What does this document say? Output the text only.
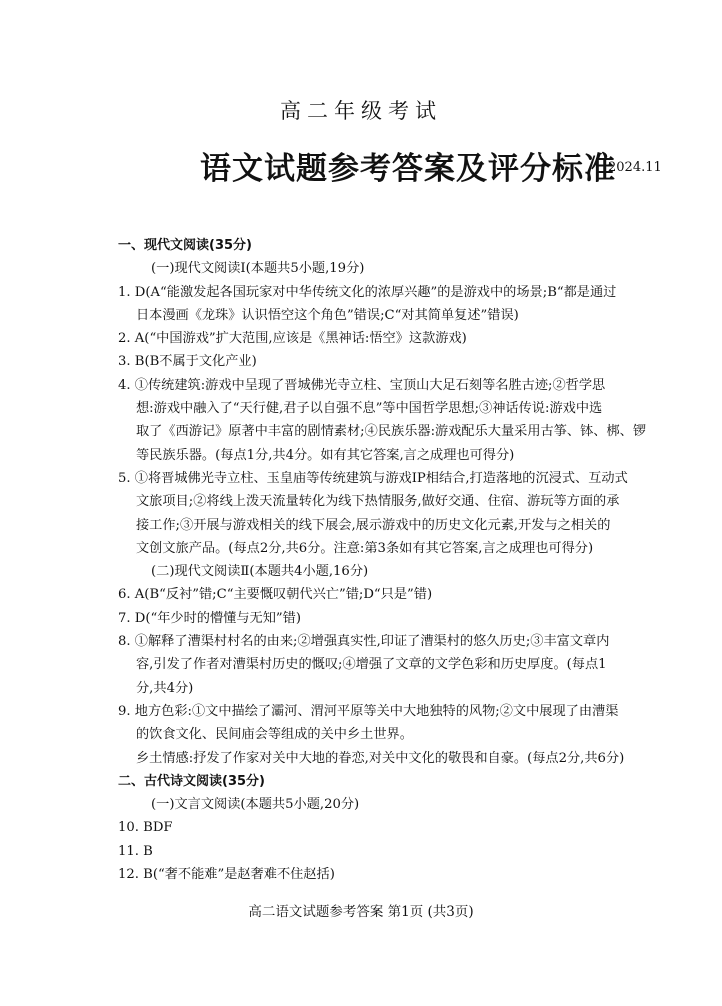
高二年级考试
语文试题参考答案及评分标准
2024.11
一、现代文阅读(35分)
(一)现代文阅读Ⅰ(本题共5小题,19分)
1. D(A“能激发起各国玩家对中华传统文化的浓厚兴趣”的是游戏中的场景;B“都是通过
日本漫画《龙珠》认识悟空这个角色”错误;C“对其简单复述”错误)
2. A(“中国游戏”扩大范围,应该是《黑神话:悟空》这款游戏)
3. B(B不属于文化产业)
4. ①传统建筑:游戏中呈现了晋城佛光寺立柱、宝顶山大足石刻等名胜古迹;②哲学思
想:游戏中融入了“天行健,君子以自强不息”等中国哲学思想;③神话传说:游戏中选
取了《西游记》原著中丰富的剧情素材;④民族乐器:游戏配乐大量采用古筝、钵、梆、锣
等民族乐器。(每点1分,共4分。如有其它答案,言之成理也可得分)
5. ①将晋城佛光寺立柱、玉皇庙等传统建筑与游戏IP相结合,打造落地的沉浸式、互动式
文旅项目;②将线上泼天流量转化为线下热情服务,做好交通、住宿、游玩等方面的承
接工作;③开展与游戏相关的线下展会,展示游戏中的历史文化元素,开发与之相关的
文创文旅产品。(每点2分,共6分。注意:第3条如有其它答案,言之成理也可得分)
(二)现代文阅读Ⅱ(本题共4小题,16分)
6. A(B“反衬”错;C“主要慨叹朝代兴亡”错;D“只是”错)
7. D(“年少时的懵懂与无知”错)
8. ①解释了漕渠村村名的由来;②增强真实性,印证了漕渠村的悠久历史;③丰富文章内
容,引发了作者对漕渠村历史的慨叹;④增强了文章的文学色彩和历史厚度。(每点1
分,共4分)
9. 地方色彩:①文中描绘了灞河、渭河平原等关中大地独特的风物;②文中展现了由漕渠
的饮食文化、民间庙会等组成的关中乡土世界。
乡土情感:抒发了作家对关中大地的眷恋,对关中文化的敬畏和自豪。(每点2分,共6分)
二、古代诗文阅读(35分)
(一)文言文阅读(本题共5小题,20分)
10. BDF
11. B
12. B(“奢不能难”是赵奢难不住赵括)
高二语文试题参考答案 第1页 (共3页)
